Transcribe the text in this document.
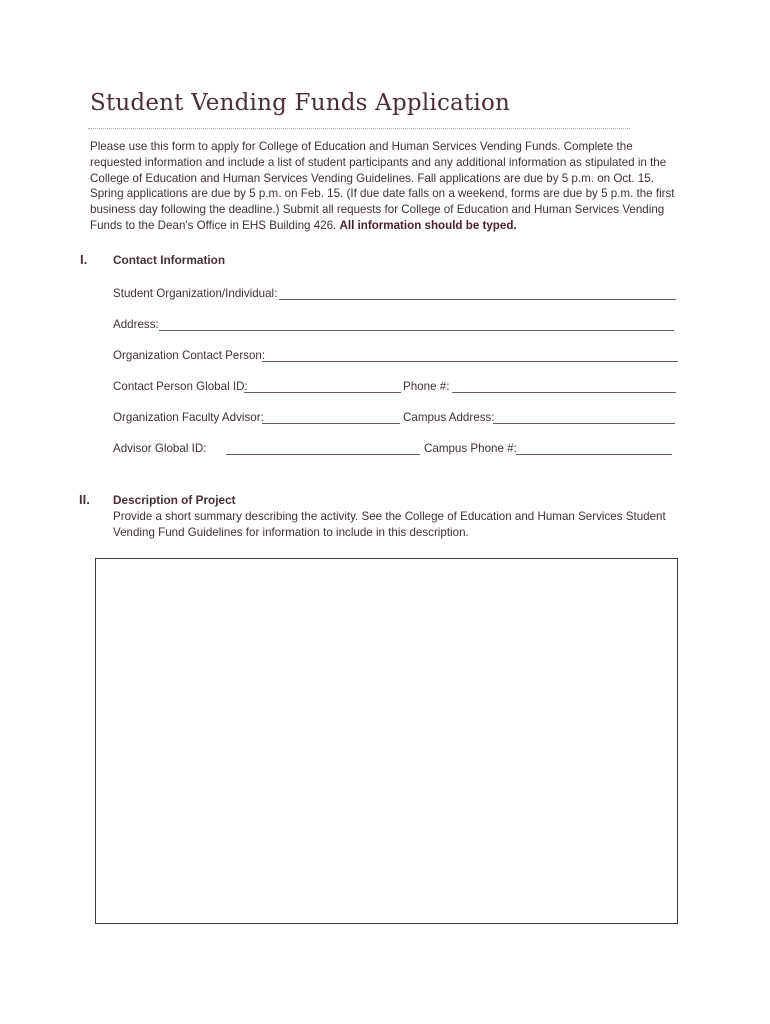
Student Vending Funds Application

Please use this form to apply for College of Education and Human Services Vending Funds. Complete the requested information and include a list of student participants and any additional information as stipulated in the College of Education and Human Services Vending Guidelines. Fall applications are due by 5 p.m. on Oct. 15. Spring applications are due by 5 p.m. on Feb. 15. (If due date falls on a weekend, forms are due by 5 p.m. the first business day following the deadline.) Submit all requests for College of Education and Human Services Vending Funds to the Dean's Office in EHS Building 426. All information should be typed.

I. Contact Information
Student Organization/Individual:
Address:
Organization Contact Person:
Contact Person Global ID:	Phone #:
Organization Faculty Advisor:	Campus Address:
Advisor Global ID:	Campus Phone #:
II. Description of Project

Provide a short summary describing the activity. See the College of Education and Human Services Student Vending Fund Guidelines for information to include in this description.
